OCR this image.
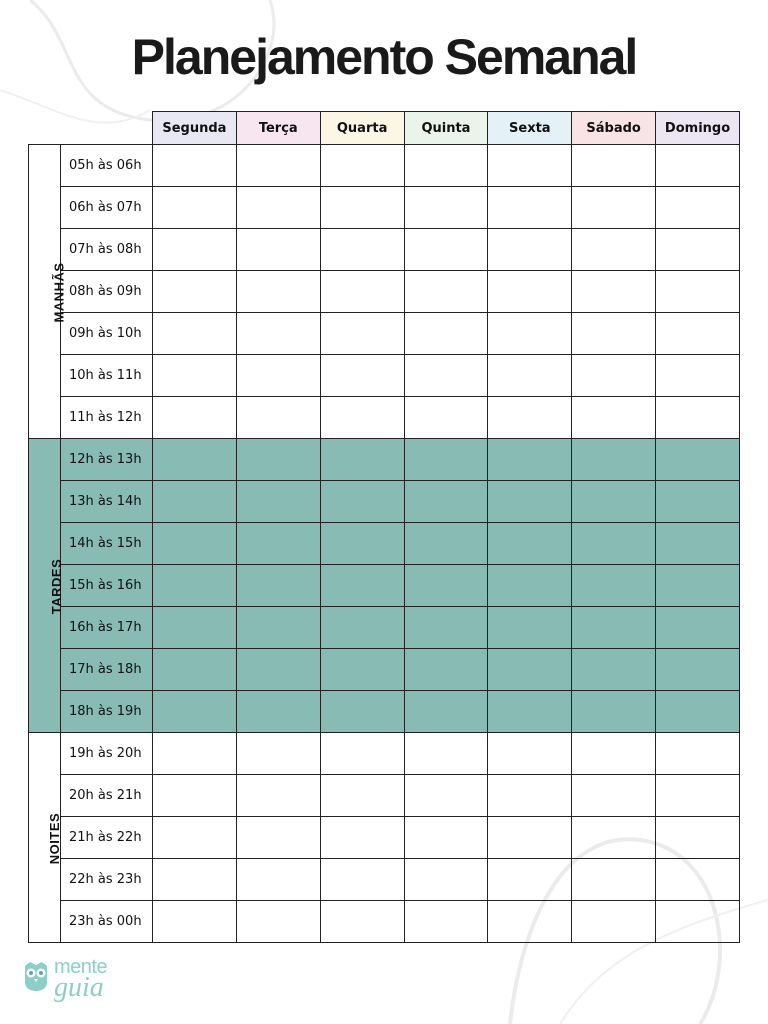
Planejamento Semanal
		Segunda	Terça	Quarta	Quinta	Sexta	Sábado	Domingo
MANHÃS	05h às 06h							
	06h às 07h							
	07h às 08h							
	08h às 09h							
	09h às 10h							
	10h às 11h							
	11h às 12h							
TARDES	12h às 13h							
	13h às 14h							
	14h às 15h							
	15h às 16h							
	16h às 17h							
	17h às 18h							
	18h às 19h							
NOITES	19h às 20h							
	20h às 21h							
	21h às 22h							
	22h às 23h							
	23h às 00h							
mente
guia
